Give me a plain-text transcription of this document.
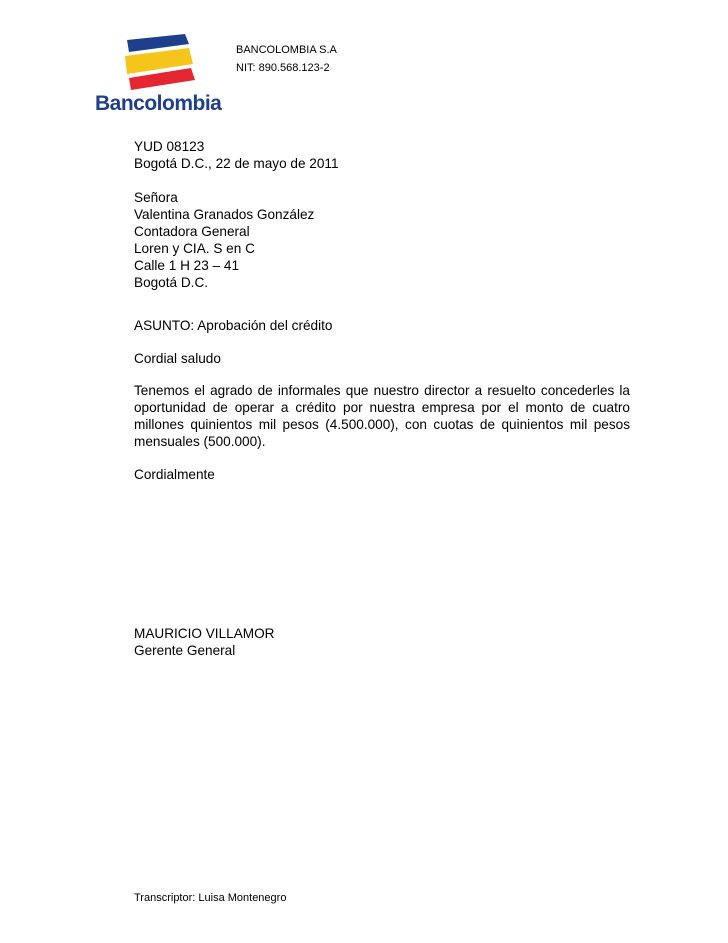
Bancolombia
BANCOLOMBIA S.A
NIT: 890.568.123-2
YUD 08123
Bogotá D.C., 22 de mayo de 2011
Señora
Valentina Granados González
Contadora General
Loren y CIA. S en C
Calle 1 H 23 – 41
Bogotá D.C.
ASUNTO: Aprobación del crédito
Cordial saludo
Tenemos el agrado de informales que nuestro director a resuelto concederles la oportunidad de operar a crédito por nuestra empresa por el monto de cuatro millones quinientos mil pesos (4.500.000), con cuotas de quinientos mil pesos mensuales (500.000).
Cordialmente
MAURICIO VILLAMOR
Gerente General
Transcriptor: Luisa Montenegro
